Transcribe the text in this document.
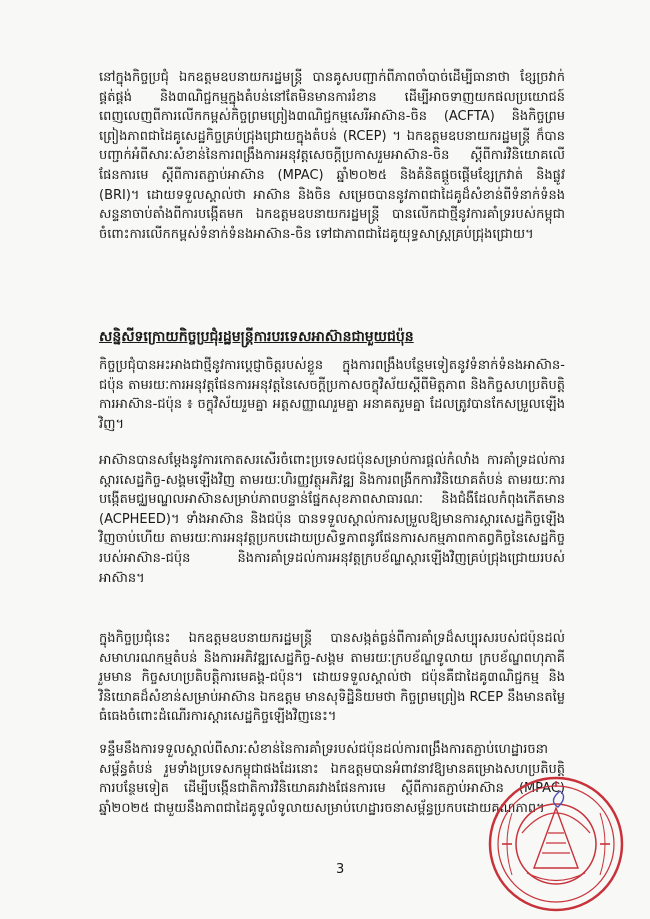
នៅក្នុងកិច្ចប្រជុំ ឯកឧត្តមឧបនាយករដ្ឋមន្ត្រី បានគូសបញ្ជាក់ពីភាពចាំបាច់ដើម្បីធានាថា ខ្សែច្រវាក់ផ្គត់ផ្គង់ និង៣ណិជ្ជកម្មក្នុងតំបន់នៅតែមិនមានការរំខាន ដើម្បីអាចទាញយកផលប្រយោជន៍ពេញលេញពីការលើកកម្ពស់កិច្ចព្រមព្រៀង៣ណិជ្ជកម្មសេរីអាស៊ាន-ចិន (ACFTA) និងកិច្ចព្រមព្រៀងភាពជាដៃគូសេដ្ឋកិច្ចគ្រប់ជ្រុងជ្រោយក្នុងតំបន់ (RCEP) ។ ឯកឧត្តមឧបនាយករដ្ឋមន្ត្រី ក៏បានបញ្ជាក់អំពីសារៈសំខាន់នៃការពង្រឹងការអនុវត្តសេចក្តីប្រកាសរួមអាស៊ាន-ចិន ស្តីពីការវិនិយោគលើផែនការមេ ស្តីពីការតភ្ជាប់អាស៊ាន (MPAC) ឆ្នាំ២០២៥ និងគំនិតផ្តួចផ្តើមខ្សែក្រវាត់ និងផ្លូវ (BRI)។ ដោយទទួលស្គាល់ថា អាស៊ាន និងចិន សម្រេចបាននូវភាពជាដៃគូដ៏សំខាន់ពីទំនាក់ទំនងសន្ទនាចាប់តាំងពីការបង្កើតមក ឯកឧត្តមឧបនាយករដ្ឋមន្ត្រី បានលើកជាថ្មីនូវការគាំទ្ររបស់កម្ពុជាចំពោះការលើកកម្ពស់ទំនាក់ទំនងអាស៊ាន-ចិន ទៅជាភាពជាដៃគូយុទ្ធសាស្ត្រគ្រប់ជ្រុងជ្រោយ។

សន្និសីទក្រោយកិច្ចប្រជុំរដ្ឋមន្ត្រីការបរទេសអាស៊ានជាមួយជប៉ុន

កិច្ចប្រជុំបានអះអាងជាថ្មីនូវការប្តេជ្ញាចិត្តរបស់ខ្លួន ក្នុងការពង្រឹងបន្ថែមទៀតនូវទំនាក់ទំនងអាស៊ាន-ជប៉ុន តាមរយៈការអនុវត្តផែនការអនុវត្តនៃសេចក្តីប្រកាសចក្ខុវិស័យស្តីពីមិត្តភាព និងកិច្ចសហប្រតិបត្តិការអាស៊ាន-ជប៉ុន ៖ ចក្ខុវិស័យរួមគ្នា អត្តសញ្ញាណរួមគ្នា អនាគតរួមគ្នា ដែលត្រូវបានកែសម្រួលឡើងវិញ។

អាស៊ានបានសម្តែងនូវការកោតសរសើរចំពោះប្រទេសជប៉ុនសម្រាប់ការផ្តល់កំលាំង ការគាំទ្រដល់ការស្តារសេដ្ឋកិច្ច-សង្គមឡើងវិញ តាមរយៈហិរញ្ញវត្ថុអភិវឌ្ឍ និងការពង្រីកការវិនិយោគតំបន់ តាមរយៈការបង្កើតមជ្ឈមណ្ឌលអាស៊ានសម្រាប់ភាពបន្ទាន់ផ្នែកសុខភាពសាធារណៈ និងជំងឺដែលកំពុងកើតមាន (ACPHEED)។ ទាំងអាស៊ាន និងជប៉ុន បានទទួលស្គាល់ការសម្រួលឱ្យមានការស្តារសេដ្ឋកិច្ចឡើងវិញចាប់ហើយ តាមរយៈការអនុវត្តប្រកបដោយប្រសិទ្ធភាពនូវផែនការសកម្មភាពកាតព្វកិច្ចនៃសេដ្ឋកិច្ចរបស់អាស៊ាន-ជប៉ុន និងការគាំទ្រដល់ការអនុវត្តក្របខ័ណ្ឌស្តារឡើងវិញគ្រប់ជ្រុងជ្រោយរបស់អាស៊ាន។

ក្នុងកិច្ចប្រជុំនេះ ឯកឧត្តមឧបនាយករដ្ឋមន្ត្រី បានសង្កត់ធ្ងន់ពីការគាំទ្រដ៏សប្បុរសរបស់ជប៉ុនដល់សមាហរណកម្មតំបន់ និងការអភិវឌ្ឍសេដ្ឋកិច្ច-សង្គម តាមរយៈក្របខ័ណ្ឌទូលាយ ក្របខ័ណ្ឌពហុភាគី រួមមាន កិច្ចសហប្រតិបត្តិការមេគង្គ-ជប៉ុន។ ដោយទទួលស្គាល់ថា ជប៉ុនគឺជាដៃគូ៣ណិជ្ជកម្ម និងវិនិយោគដ៏សំខាន់សម្រាប់អាស៊ាន ឯកឧត្តម មានសុទិដ្ឋិនិយមថា កិច្ចព្រមព្រៀង RCEP នឹងមានតម្លៃធំធេងចំពោះដំណើរការស្តារសេដ្ឋកិច្ចឡើងវិញនេះ។

ទន្ទឹមនឹងការទទួលស្គាល់ពីសារៈសំខាន់នៃការគាំទ្ររបស់ជប៉ុនដល់ការពង្រឹងការតភ្ជាប់ហេដ្ឋារចនាសម្ព័ន្ធតំបន់ រួមទាំងប្រទេសកម្ពុជាផងដែរនោះ ឯកឧត្តមបានអំពាវនាវឱ្យមានគម្រោងសហប្រតិបត្តិការបន្ថែមទៀត ដើម្បីបង្កើនជាតិការវិនិយោគរវាងផែនការមេ ស្តីពីការតភ្ជាប់អាស៊ាន (MPAC) ឆ្នាំ២០២៥ ជាមួយនឹងភាពជាដៃគូទូលំទូលាយសម្រាប់ហេដ្ឋារចនាសម្ព័ន្ធប្រកបដោយគុណភាព។

3
